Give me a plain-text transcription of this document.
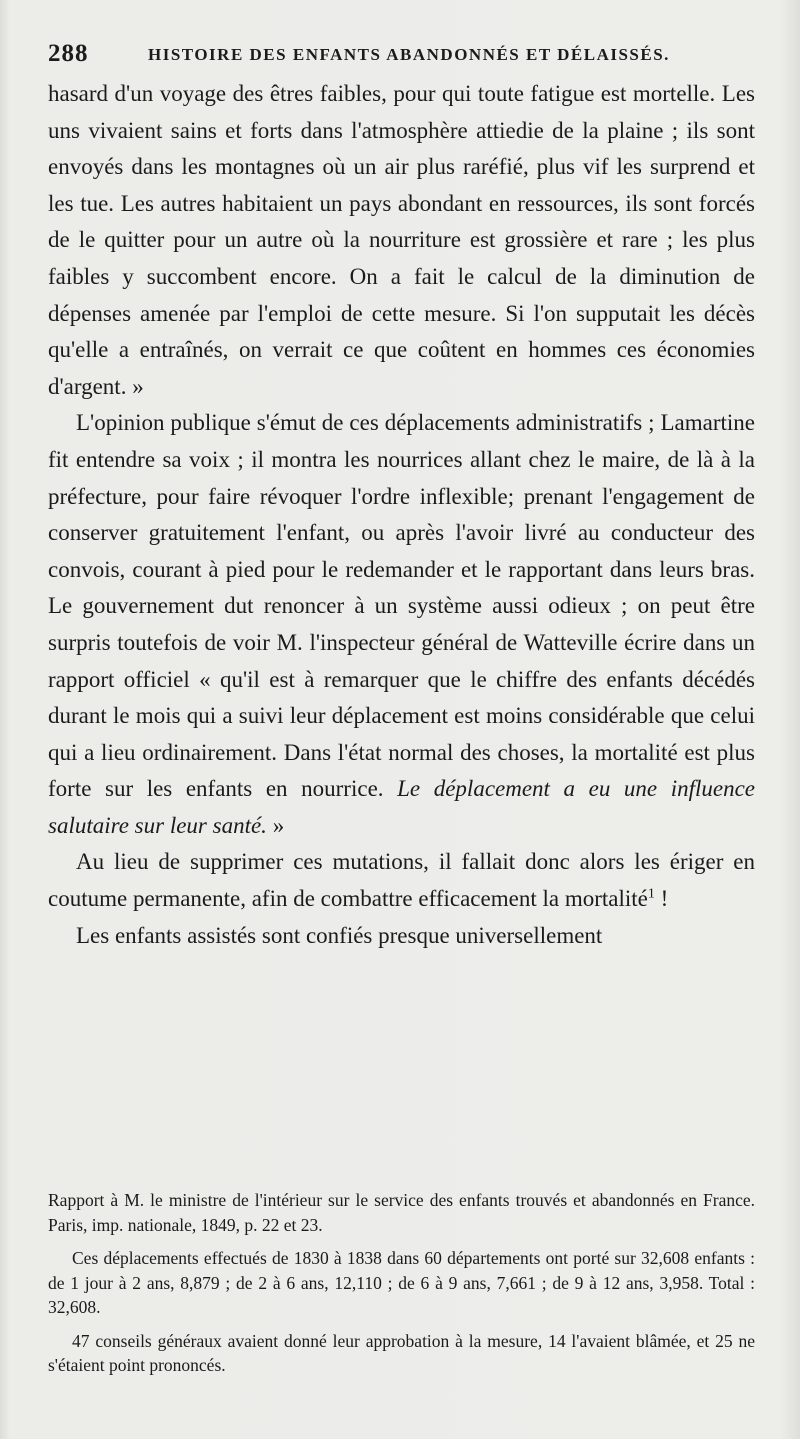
288	HISTOIRE DES ENFANTS ABANDONNÉS ET DÉLAISSÉS.

hasard d'un voyage des êtres faibles, pour qui toute fatigue est mortelle. Les uns vivaient sains et forts dans l'atmosphère attiedie de la plaine ; ils sont envoyés dans les montagnes où un air plus raréfié, plus vif les surprend et les tue. Les autres habitaient un pays abondant en ressources, ils sont forcés de le quitter pour un autre où la nourriture est grossière et rare ; les plus faibles y succombent encore. On a fait le calcul de la diminution de dépenses amenée par l'emploi de cette mesure. Si l'on supputait les décès qu'elle a entraînés, on verrait ce que coûtent en hommes ces économies d'argent. »

L'opinion publique s'émut de ces déplacements administratifs ; Lamartine fit entendre sa voix ; il montra les nourrices allant chez le maire, de là à la préfecture, pour faire révoquer l'ordre inflexible; prenant l'engagement de conserver gratuitement l'enfant, ou après l'avoir livré au conducteur des convois, courant à pied pour le redemander et le rapportant dans leurs bras. Le gouvernement dut renoncer à un système aussi odieux ; on peut être surpris toutefois de voir M. l'inspecteur général de Watteville écrire dans un rapport officiel « qu'il est à remarquer que le chiffre des enfants décédés durant le mois qui a suivi leur déplacement est moins considérable que celui qui a lieu ordinairement. Dans l'état normal des choses, la mortalité est plus forte sur les enfants en nourrice. Le déplacement a eu une influence salutaire sur leur santé. »

Au lieu de supprimer ces mutations, il fallait donc alors les ériger en coutume permanente, afin de combattre efficacement la mortalité$^1$ !

Les enfants assistés sont confiés presque universellement

Rapport à M. le ministre de l'intérieur sur le service des enfants trouvés et abandonnés en France. Paris, imp. nationale, 1849, p. 22 et 23.

Ces déplacements effectués de 1830 à 1838 dans 60 départements ont porté sur 32,608 enfants : de 1 jour à 2 ans, 8,879 ; de 2 à 6 ans, 12,110 ; de 6 à 9 ans, 7,661 ; de 9 à 12 ans, 3,958. Total : 32,608.

47 conseils généraux avaient donné leur approbation à la mesure, 14 l'avaient blâmée, et 25 ne s'étaient point prononcés.
